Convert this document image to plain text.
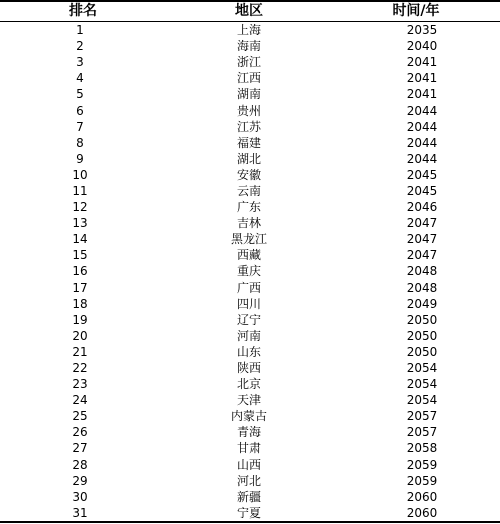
排名	地区	时间/年
1	上海	2035
2	海南	2040
3	浙江	2041
4	江西	2041
5	湖南	2041
6	贵州	2044
7	江苏	2044
8	福建	2044
9	湖北	2044
10	安徽	2045
11	云南	2045
12	广东	2046
13	吉林	2047
14	黑龙江	2047
15	西藏	2047
16	重庆	2048
17	广西	2048
18	四川	2049
19	辽宁	2050
20	河南	2050
21	山东	2050
22	陕西	2054
23	北京	2054
24	天津	2054
25	内蒙古	2057
26	青海	2057
27	甘肃	2058
28	山西	2059
29	河北	2059
30	新疆	2060
31	宁夏	2060
